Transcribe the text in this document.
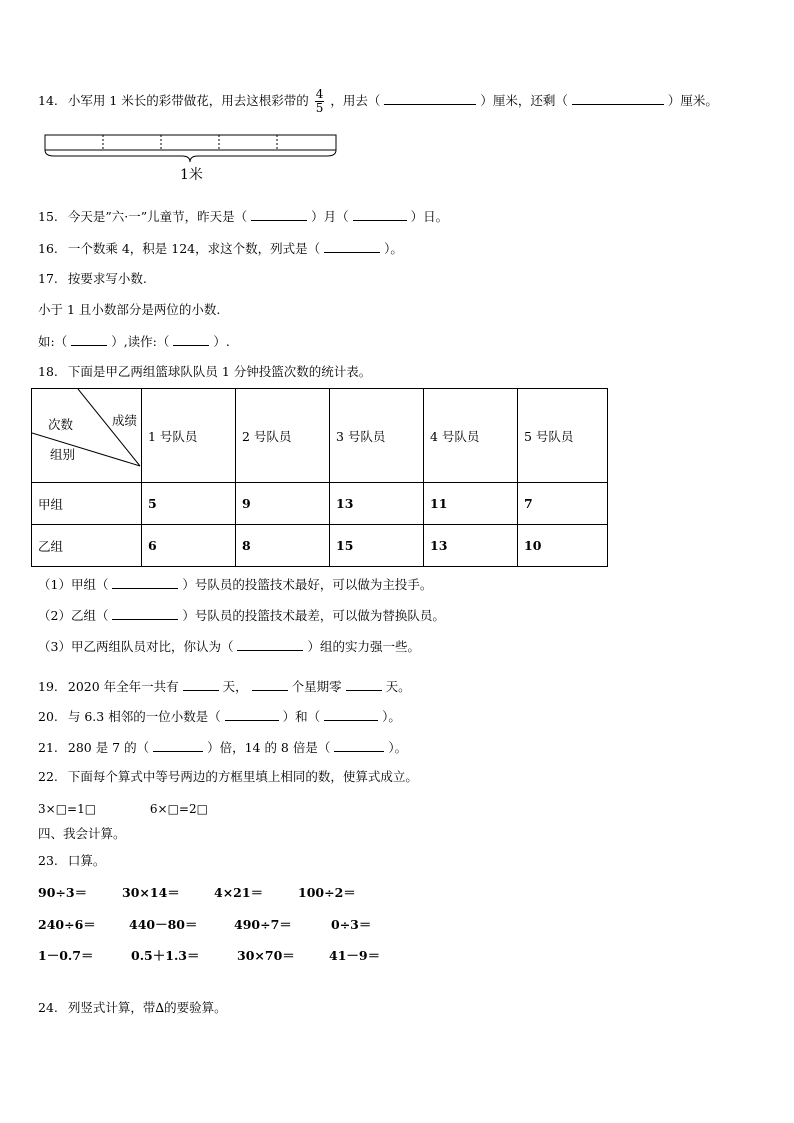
14. 小军用 1 米长的彩带做花，用去这根彩带的 $\frac{4}{5}$ ，用去（	）厘米，还剩（	）厘米。
1米
15. 今天是”六·一”儿童节，昨天是（	）月（	）日。
16. 一个数乘 4，积是 124，求这个数，列式是（	）。
17. 按要求写小数.
小于 1 且小数部分是两位的小数.
如:（	）,读作:（	）.
18. 下面是甲乙两组篮球队队员 1 分钟投篮次数的统计表。
成绩
次数
组别	1 号队员	2 号队员	3 号队员	4 号队员	5 号队员
甲组	5	9	13	11	7
乙组	6	8	15	13	10
（1）甲组（	）号队员的投篮技术最好，可以做为主投手。
（2）乙组（	）号队员的投篮技术最差，可以做为替换队员。
（3）甲乙两组队员对比，你认为（	）组的实力强一些。
19. 2020 年全年一共有	天，	个星期零	天。
20. 与 6.3 相邻的一位小数是（	）和（	）。
21. 280 是 7 的（	）倍，14 的 8 倍是（	）。
22. 下面每个算式中等号两边的方框里填上相同的数，使算式成立。
3×□=1□	6×□=2□
四、我会计算。
23. 口算。
90÷3＝	30×14＝	4×21＝	100÷2＝
240÷6＝	440－80＝	490÷7＝	0÷3＝
1－0.7＝	0.5＋1.3＝	30×70＝	41－9＝
24. 列竖式计算，带∆的要验算。
